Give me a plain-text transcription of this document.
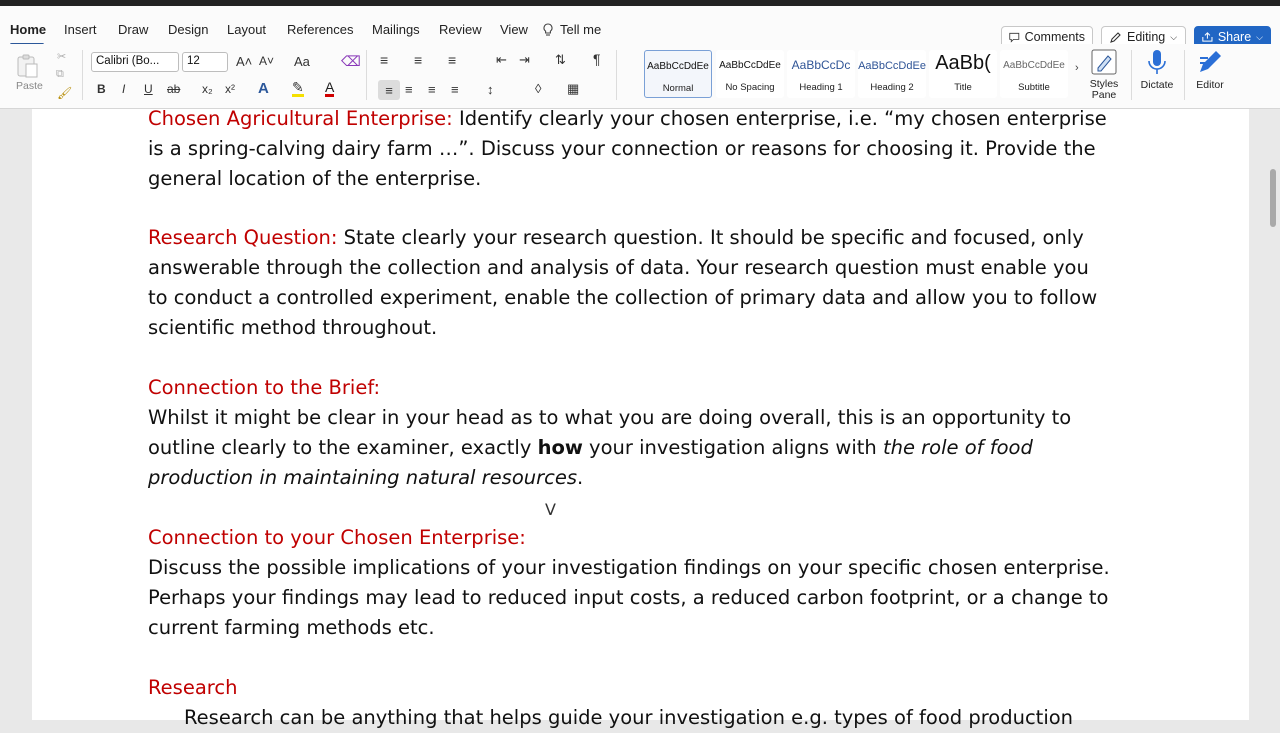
Home Insert Draw Design Layout References Mailings Review View Tell me	Comments	Editing ⌵	Share ⌵
Paste
✂
⧉
🖌
Calibri (Bo...	12	A˄ A˅ Aa ⌫
B I U ab x₂ x² A ✎ A
≡ ≡ ≡	⇤ ⇥ ⇅ ¶
≡ ≡ ≡ ≡ ↕	◊ ▦
AaBbCcDdEe
Normal
AaBbCcDdEe
No Spacing
AaBbCcDc
Heading 1
AaBbCcDdEe
Heading 2
AaBb(
Title
AaBbCcDdEe
Subtitle
›
Styles Pane
Dictate	Editor
Chosen Agricultural Enterprise: Identify clearly your chosen enterprise, i.e. “my chosen enterprise
is a spring-calving dairy farm …”. Discuss your connection or reasons for choosing it. Provide the
general location of the enterprise.
Research Question: State clearly your research question. It should be specific and focused, only
answerable through the collection and analysis of data. Your research question must enable you
to conduct a controlled experiment, enable the collection of primary data and allow you to follow
scientific method throughout.
Connection to the Brief:
Whilst it might be clear in your head as to what you are doing overall, this is an opportunity to
outline clearly to the examiner, exactly how your investigation aligns with the role of food
production in maintaining natural resources.
Connection to your Chosen Enterprise:
Discuss the possible implications of your investigation findings on your specific chosen enterprise.
Perhaps your findings may lead to reduced input costs, a reduced carbon footprint, or a change to
current farming methods etc.
Research
Research can be anything that helps guide your investigation e.g. types of food production
Ⅴ
